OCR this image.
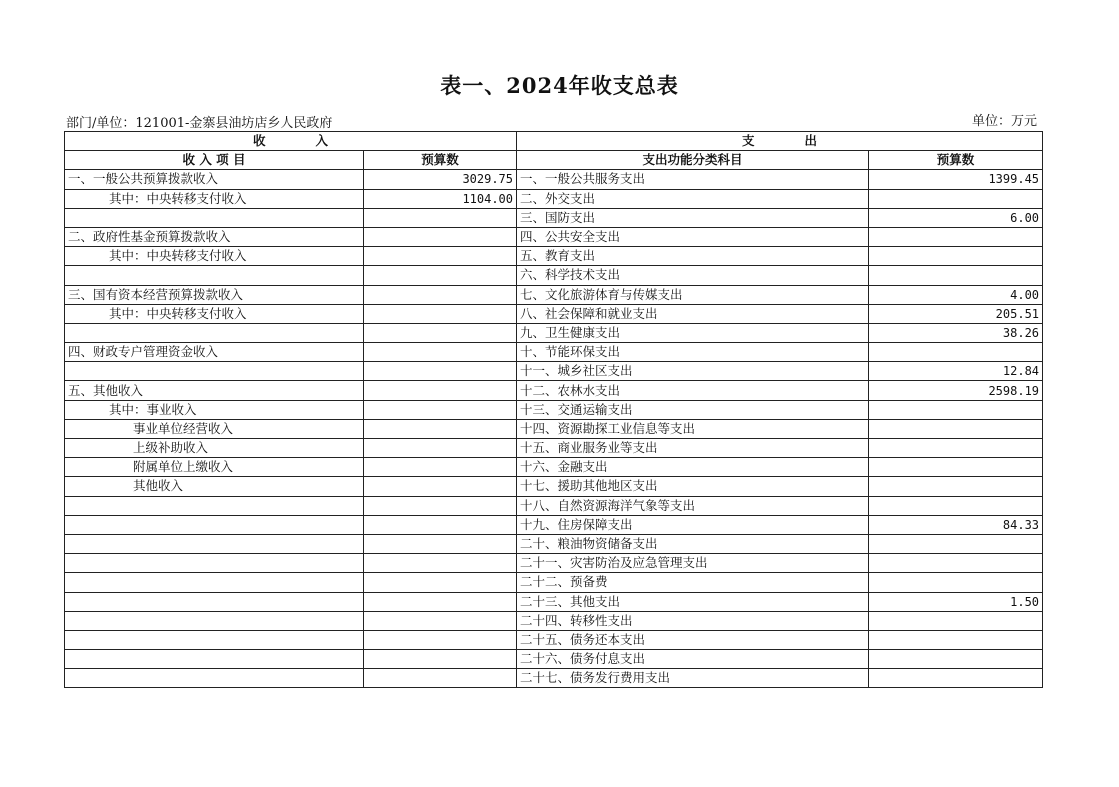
表一、2024年收支总表
部门/单位：121001-金寨县油坊店乡人民政府	单位：万元
收　　　　入		支　　　　出	
收 入 项 目	预算数	支出功能分类科目	预算数
一、一般公共预算拨款收入	3029.75	一、一般公共服务支出	1399.45
其中：中央转移支付收入	1104.00	二、外交支出	
		三、国防支出	6.00
二、政府性基金预算拨款收入		四、公共安全支出	
其中：中央转移支付收入		五、教育支出	
		六、科学技术支出	
三、国有资本经营预算拨款收入		七、文化旅游体育与传媒支出	4.00
其中：中央转移支付收入		八、社会保障和就业支出	205.51
		九、卫生健康支出	38.26
四、财政专户管理资金收入		十、节能环保支出	
		十一、城乡社区支出	12.84
五、其他收入		十二、农林水支出	2598.19
其中：事业收入		十三、交通运输支出	
事业单位经营收入		十四、资源勘探工业信息等支出	
上级补助收入		十五、商业服务业等支出	
附属单位上缴收入		十六、金融支出	
其他收入		十七、援助其他地区支出	
		十八、自然资源海洋气象等支出	
		十九、住房保障支出	84.33
		二十、粮油物资储备支出	
		二十一、灾害防治及应急管理支出	
		二十二、预备费	
		二十三、其他支出	1.50
		二十四、转移性支出	
		二十五、债务还本支出	
		二十六、债务付息支出	
		二十七、债务发行费用支出	
